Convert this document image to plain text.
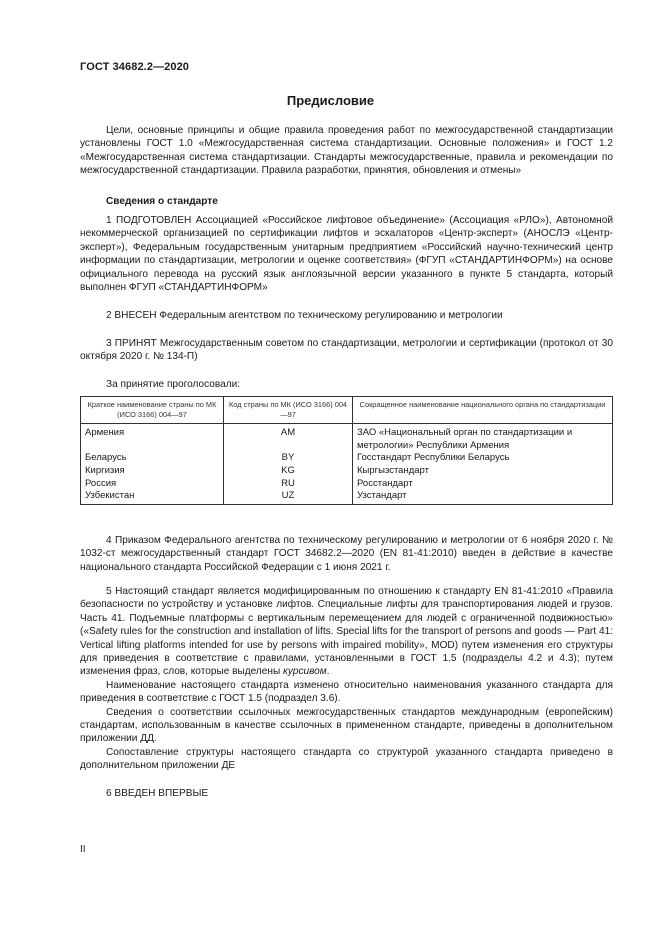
ГОСТ 34682.2—2020
Предисловие

Цели, основные принципы и общие правила проведения работ по межгосударственной стандартизации установлены ГОСТ 1.0 «Межгосударственная система стандартизации. Основные положения» и ГОСТ 1.2 «Межгосударственная система стандартизации. Стандарты межгосударственные, правила и рекомендации по межгосударственной стандартизации. Правила разработки, принятия, обновления и отмены»

Сведения о стандарте

1 ПОДГОТОВЛЕН Ассоциацией «Российское лифтовое объединение» (Ассоциация «РЛО»), Автономной некоммерческой организацией по сертификации лифтов и эскалаторов «Центр-эксперт» (АНОСЛЭ «Центр-эксперт»), Федеральным государственным унитарным предприятием «Российский научно-технический центр информации по стандартизации, метрологии и оценке соответствия» (ФГУП «СТАНДАРТИНФОРМ») на основе официального перевода на русский язык англоязычной версии указанного в пункте 5 стандарта, который выполнен ФГУП «СТАНДАРТИНФОРМ»

2 ВНЕСЕН Федеральным агентством по техническому регулированию и метрологии

3 ПРИНЯТ Межгосударственным советом по стандартизации, метрологии и сертификации (протокол от 30 октября 2020 г. № 134-П)

За принятие проголосовали:
Краткое наименование страны по МК (ИСО 3166) 004—97	Код страны по МК (ИСО 3166) 004—97	Сокращенное наименование национального органа по стандартизации
Армения	AM	ЗАО «Национальный орган по стандартизации и метрологии» Республики Армения
Беларусь	BY	Госстандарт Республики Беларусь
Киргизия	KG	Кыргызстандарт
Россия	RU	Росстандарт
Узбекистан	UZ	Узстандарт

4 Приказом Федерального агентства по техническому регулированию и метрологии от 6 ноября 2020 г. № 1032-ст межгосударственный стандарт ГОСТ 34682.2—2020 (EN 81-41:2010) введен в действие в качестве национального стандарта Российской Федерации с 1 июня 2021 г.

5 Настоящий стандарт является модифицированным по отношению к стандарту EN 81-41:2010 «Правила безопасности по устройству и установке лифтов. Специальные лифты для транспортирования людей и грузов. Часть 41. Подъемные платформы с вертикальным перемещением для людей с ограниченной подвижностью» («Safety rules for the construction and installation of lifts. Special lifts for the transport of persons and goods — Part 41: Vertical lifting platforms intended for use by persons with impaired mobility», MOD) путем изменения его структуры для приведения в соответствие с правилами, установленными в ГОСТ 1.5 (подразделы 4.2 и 4.3); путем изменения фраз, слов, которые выделены курсивом.

Наименование настоящего стандарта изменено относительно наименования указанного стандарта для приведения в соответствие с ГОСТ 1.5 (подраздел 3.6).

Сведения о соответствии ссылочных межгосударственных стандартов международным (европейским) стандартам, использованным в качестве ссылочных в примененном стандарте, приведены в дополнительном приложении ДД.

Сопоставление структуры настоящего стандарта со структурой указанного стандарта приведено в дополнительном приложении ДЕ

6 ВВЕДЕН ВПЕРВЫЕ

II
